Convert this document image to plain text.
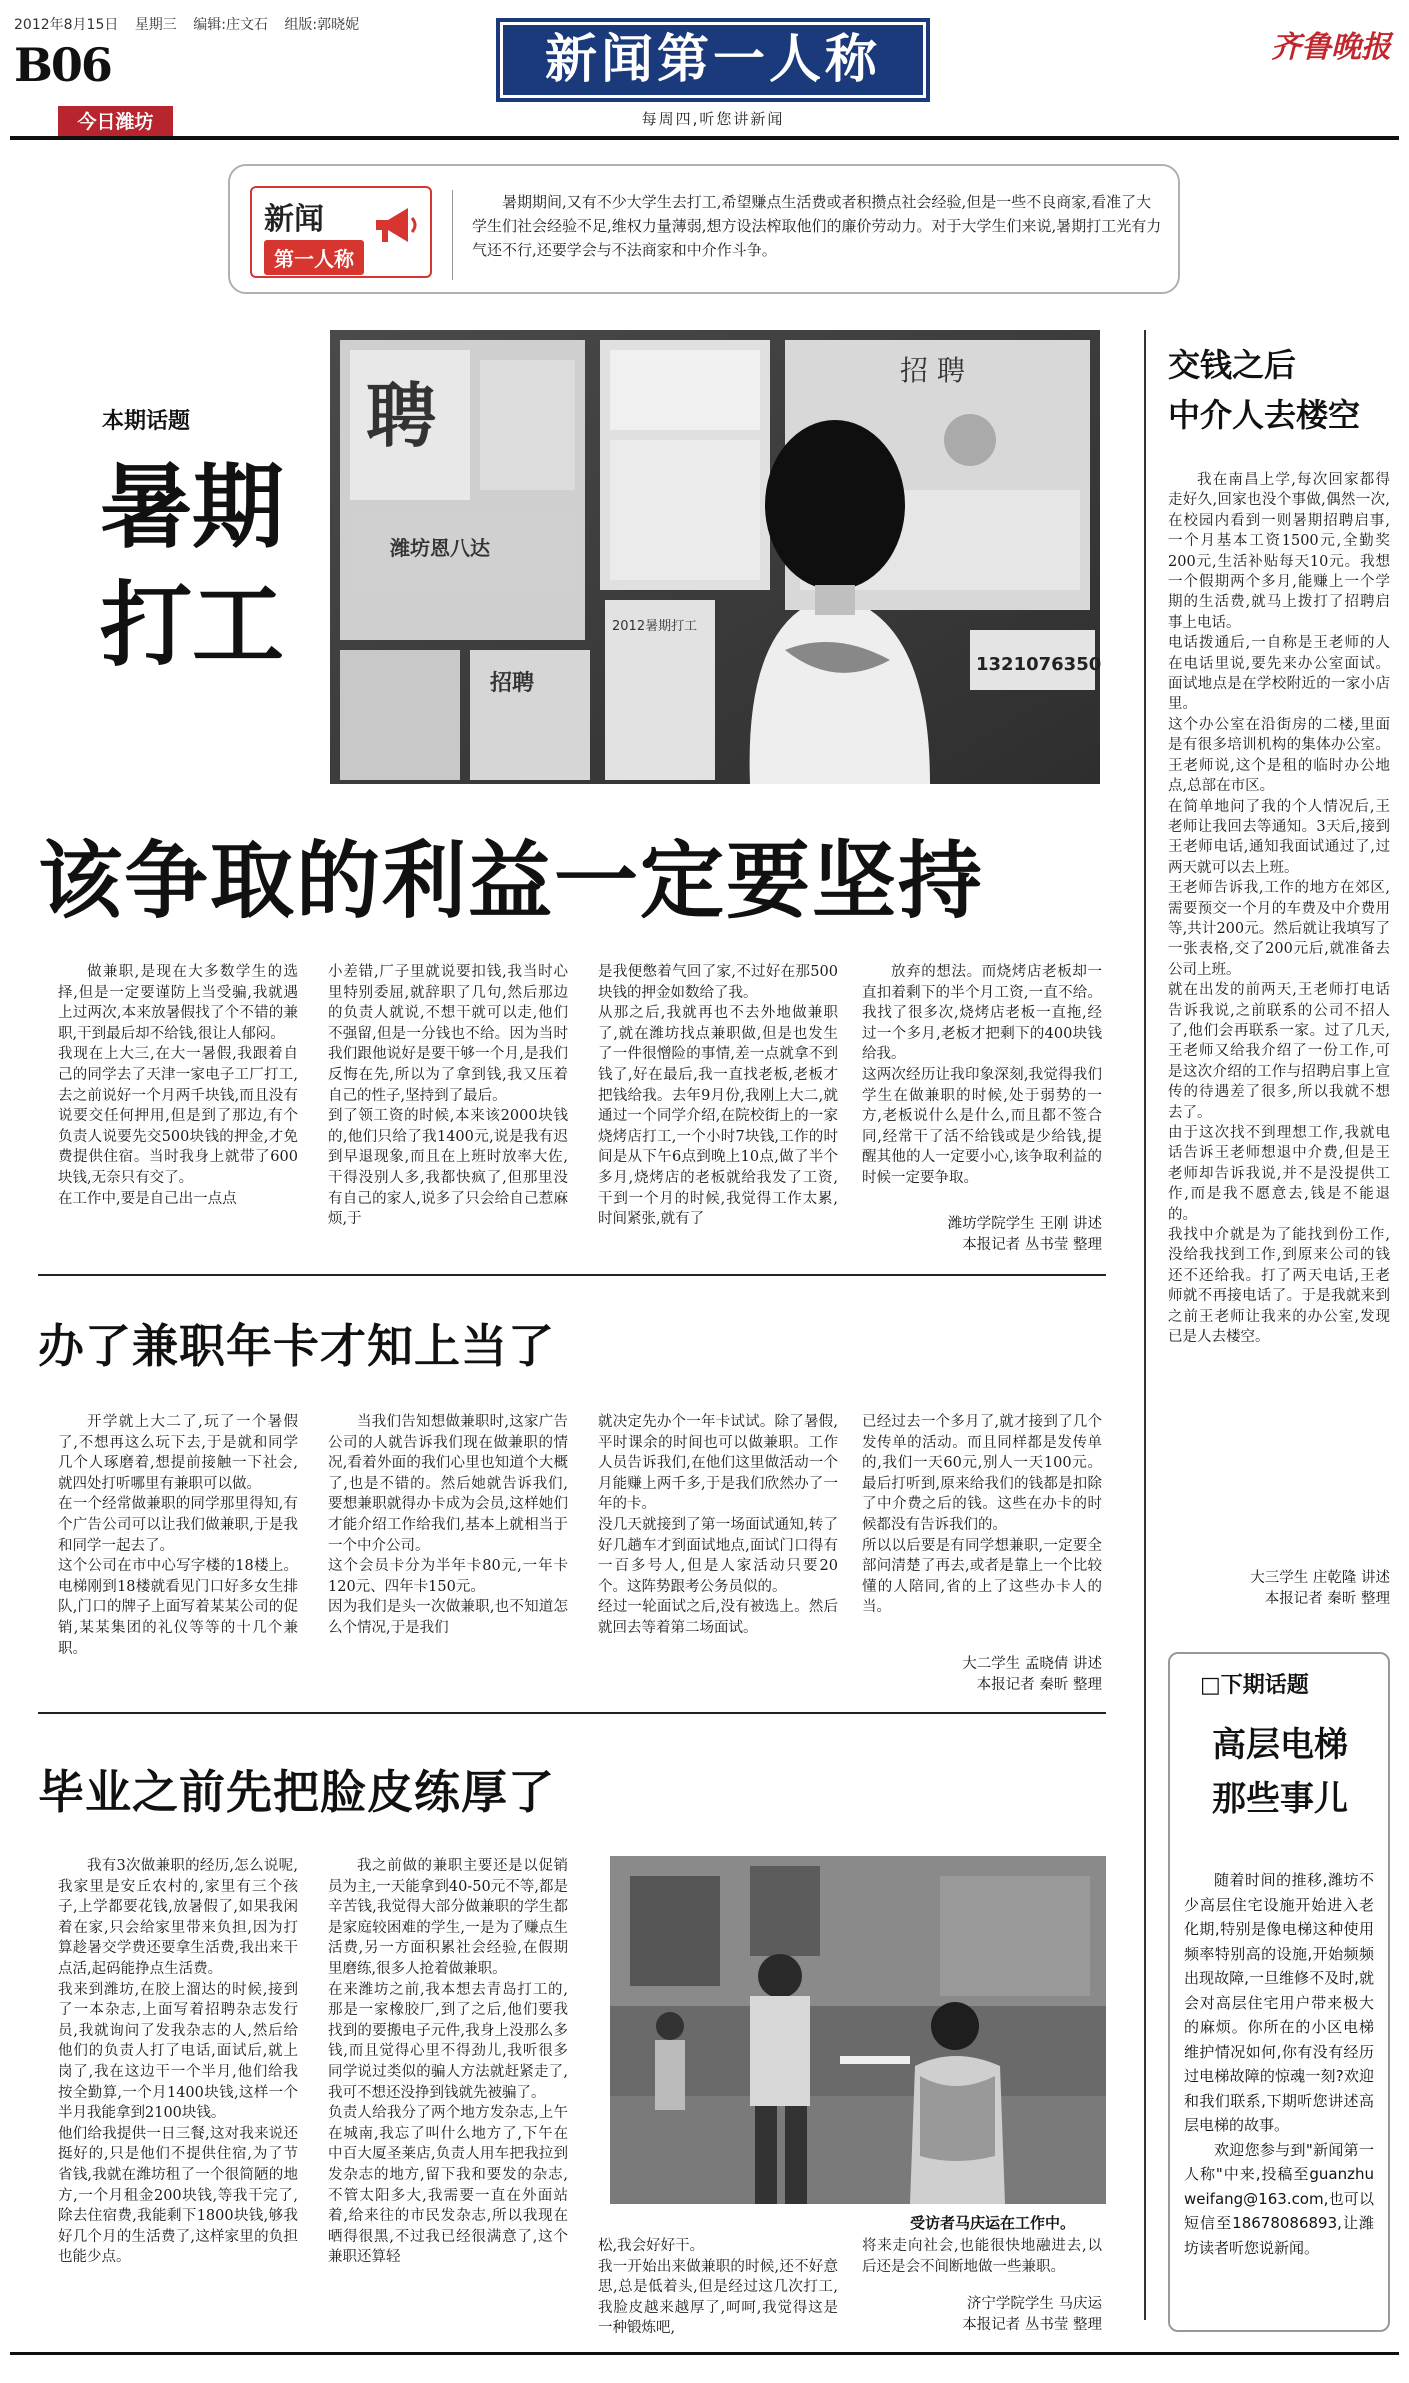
2012年8月15日 星期三 编辑:庄文石 组版:郭晓妮
B06
今日潍坊
新闻第一人称
每周四,听您讲新闻
齐鲁晚报
新闻
第一人称
暑期期间,又有不少大学生去打工,希望赚点生活费或者积攒点社会经验,但是一些不良商家,看准了大学生们社会经验不足,维权力量薄弱,想方设法榨取他们的廉价劳动力。对于大学生们来说,暑期打工光有力气还不行,还要学会与不法商家和中介作斗争。
本期话题
暑期
打工
聘
潍坊恩八达
招 聘
招聘
2012暑期打工
1321076350
该争取的利益一定要坚持
做兼职,是现在大多数学生的选择,但是一定要谨防上当受骗,我就遇上过两次,本来放暑假找了个不错的兼职,干到最后却不给钱,很让人郁闷。
我现在上大三,在大一暑假,我跟着自己的同学去了天津一家电子工厂打工,去之前说好一个月两千块钱,而且没有说要交任何押用,但是到了那边,有个负责人说要先交500块钱的押金,才免费提供住宿。当时我身上就带了600块钱,无奈只有交了。
在工作中,要是自己出一点点
小差错,厂子里就说要扣钱,我当时心里特别委屈,就辞职了几句,然后那边的负责人就说,不想干就可以走,他们不强留,但是一分钱也不给。因为当时我们跟他说好是要干够一个月,是我们反悔在先,所以为了拿到钱,我又压着自己的性子,坚持到了最后。
到了领工资的时候,本来该2000块钱的,他们只给了我1400元,说是我有迟到早退现象,而且在上班时放率大佐,干得没别人多,我都快疯了,但那里没有自己的家人,说多了只会给自己惹麻烦,于
是我便憋着气回了家,不过好在那500块钱的押金如数给了我。
从那之后,我就再也不去外地做兼职了,就在潍坊找点兼职做,但是也发生了一件很憎险的事情,差一点就拿不到钱了,好在最后,我一直找老板,老板才把钱给我。去年9月份,我刚上大二,就通过一个同学介绍,在院校街上的一家烧烤店打工,一个小时7块钱,工作的时间是从下午6点到晚上10点,做了半个多月,烧烤店的老板就给我发了工资,干到一个月的时候,我觉得工作太累,时间紧张,就有了
放弃的想法。而烧烤店老板却一直扣着剩下的半个月工资,一直不给。我找了很多次,烧烤店老板一直拖,经过一个多月,老板才把剩下的400块钱给我。
这两次经历让我印象深刻,我觉得我们学生在做兼职的时候,处于弱势的一方,老板说什么是什么,而且都不签合同,经常干了活不给钱或是少给钱,提醒其他的人一定要小心,该争取利益的时候一定要争取。
潍坊学院学生 王刚 讲述
本报记者 丛书莹 整理
办了兼职年卡才知上当了
开学就上大二了,玩了一个暑假了,不想再这么玩下去,于是就和同学几个人琢磨着,想提前接触一下社会,就四处打听哪里有兼职可以做。
在一个经常做兼职的同学那里得知,有个广告公司可以让我们做兼职,于是我和同学一起去了。
这个公司在市中心写字楼的18楼上。电梯刚到18楼就看见门口好多女生排队,门口的牌子上面写着某某公司的促销,某某集团的礼仪等等的十几个兼职。
当我们告知想做兼职时,这家广告公司的人就告诉我们现在做兼职的情况,看着外面的我们心里也知道个大概了,也是不错的。然后她就告诉我们,要想兼职就得办卡成为会员,这样她们才能介绍工作给我们,基本上就相当于一个中介公司。
这个会员卡分为半年卡80元,一年卡120元、四年卡150元。
因为我们是头一次做兼职,也不知道怎么个情况,于是我们
就决定先办个一年卡试试。除了暑假,平时课余的时间也可以做兼职。工作人员告诉我们,在他们这里做活动一个月能赚上两千多,于是我们欣然办了一年的卡。
没几天就接到了第一场面试通知,转了好几趟车才到面试地点,面试门口得有一百多号人,但是人家活动只要20个。这阵势跟考公务员似的。
经过一轮面试之后,没有被选上。然后就回去等着第二场面试。
已经过去一个多月了,就才接到了几个发传单的活动。而且同样都是发传单的,我们一天60元,别人一天100元。最后打听到,原来给我们的钱都是扣除了中介费之后的钱。这些在办卡的时候都没有告诉我们的。
所以以后要是有同学想兼职,一定要全部问清楚了再去,或者是靠上一个比较懂的人陪同,省的上了这些办卡人的当。
大二学生 孟晓倩 讲述
本报记者 秦昕 整理
毕业之前先把脸皮练厚了
我有3次做兼职的经历,怎么说呢,我家里是安丘农村的,家里有三个孩子,上学都要花钱,放暑假了,如果我闲着在家,只会给家里带来负担,因为打算趁暑交学费还要拿生活费,我出来干点活,起码能挣点生活费。
我来到潍坊,在胶上溜达的时候,接到了一本杂志,上面写着招聘杂志发行员,我就询问了发我杂志的人,然后给他们的负责人打了电话,面试后,就上岗了,我在这边干一个半月,他们给我按全勤算,一个月1400块钱,这样一个半月我能拿到2100块钱。
他们给我提供一日三餐,这对我来说还挺好的,只是他们不提供住宿,为了节省钱,我就在潍坊租了一个很简陋的地方,一个月租金200块钱,等我干完了,除去住宿费,我能剩下1800块钱,够我好几个月的生活费了,这样家里的负担也能少点。
我之前做的兼职主要还是以促销员为主,一天能拿到40-50元不等,都是辛苦钱,我觉得大部分做兼职的学生都是家庭较困难的学生,一是为了赚点生活费,另一方面积累社会经验,在假期里磨练,很多人抢着做兼职。
在来潍坊之前,我本想去青岛打工的,那是一家橡胶厂,到了之后,他们要我找到的要搬电子元件,我身上没那么多钱,而且觉得心里不得劲儿,我听很多同学说过类似的骗人方法就赶紧走了,我可不想还没挣到钱就先被骗了。
负责人给我分了两个地方发杂志,上午在城南,我忘了叫什么地方了,下午在中百大厦圣莱店,负责人用车把我拉到发杂志的地方,留下我和要发的杂志,不管太阳多大,我需要一直在外面站着,给来往的市民发杂志,所以我现在晒得很黑,不过我已经很满意了,这个兼职还算轻
受访者马庆运在工作中。
松,我会好好干。
我一开始出来做兼职的时候,还不好意思,总是低着头,但是经过这几次打工,我脸皮越来越厚了,呵呵,我觉得这是一种锻炼吧,
将来走向社会,也能很快地融进去,以后还是会不间断地做一些兼职。
济宁学院学生 马庆运
本报记者 丛书莹 整理
交钱之后
中介人去楼空
我在南昌上学,每次回家都得走好久,回家也没个事做,偶然一次,在校园内看到一则暑期招聘启事,一个月基本工资1500元,全勤奖200元,生活补贴每天10元。我想一个假期两个多月,能赚上一个学期的生活费,就马上拨打了招聘启事上电话。
电话拨通后,一自称是王老师的人在电话里说,要先来办公室面试。面试地点是在学校附近的一家小店里。
这个办公室在沿街房的二楼,里面是有很多培训机构的集体办公室。王老师说,这个是租的临时办公地点,总部在市区。
在简单地问了我的个人情况后,王老师让我回去等通知。3天后,接到王老师电话,通知我面试通过了,过两天就可以去上班。
王老师告诉我,工作的地方在郊区,需要预交一个月的车费及中介费用等,共计200元。然后就让我填写了一张表格,交了200元后,就准备去公司上班。
就在出发的前两天,王老师打电话告诉我说,之前联系的公司不招人了,他们会再联系一家。过了几天,王老师又给我介绍了一份工作,可是这次介绍的工作与招聘启事上宣传的待遇差了很多,所以我就不想去了。
由于这次找不到理想工作,我就电话告诉王老师想退中介费,但是王老师却告诉我说,并不是没提供工作,而是我不愿意去,钱是不能退的。
我找中介就是为了能找到份工作,没给我找到工作,到原来公司的钱还不还给我。打了两天电话,王老师就不再接电话了。于是我就来到之前王老师让我来的办公室,发现已是人去楼空。
大三学生 庄乾隆 讲述
本报记者 秦昕 整理
□下期话题
高层电梯
那些事儿

随着时间的推移,潍坊不少高层住宅设施开始进入老化期,特别是像电梯这种使用频率特别高的设施,开始频频出现故障,一旦维修不及时,就会对高层住宅用户带来极大的麻烦。你所在的小区电梯维护情况如何,你有没有经历过电梯故障的惊魂一刻?欢迎和我们联系,下期听您讲述高层电梯的故事。

欢迎您参与到"新闻第一人称"中来,投稿至guanzhuweifang@163.com,也可以短信至18678086893,让潍坊读者听您说新闻。
